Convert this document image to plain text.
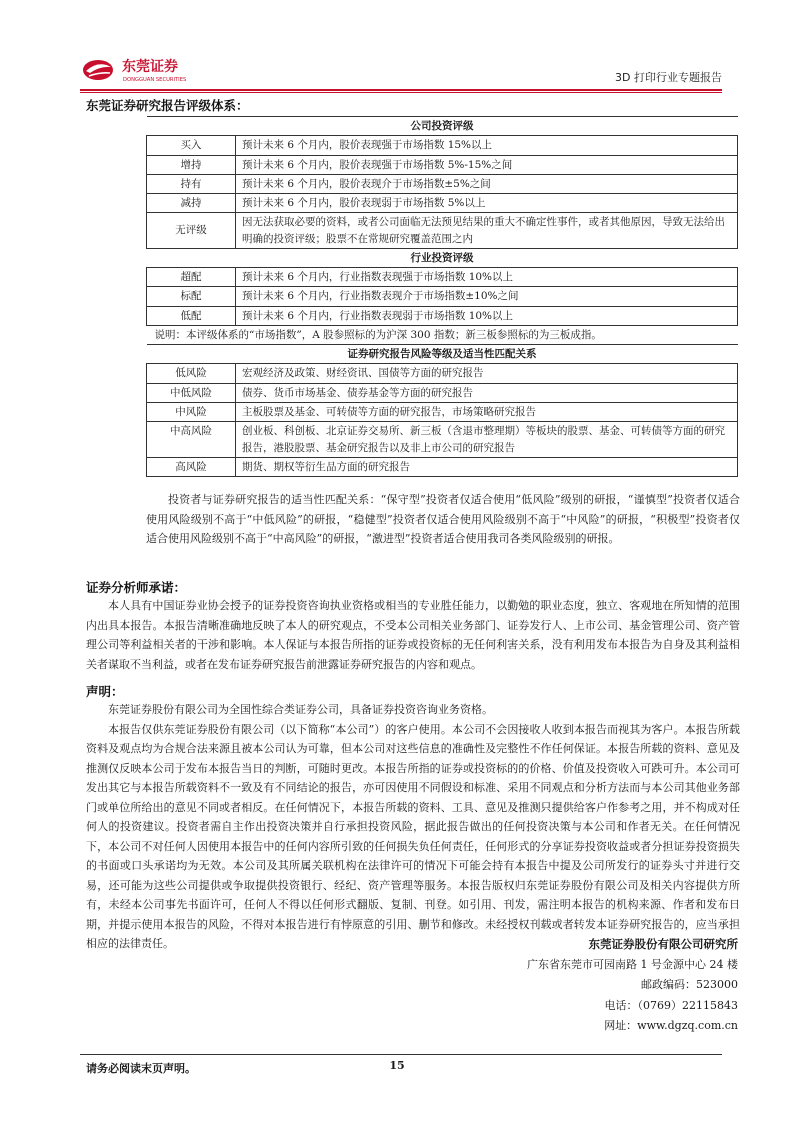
东莞证券
DONGGUAN SECURITIES	3D 打印行业专题报告
东莞证券研究报告评级体系：
公司投资评级	
买入	预计未来 6 个月内，股价表现强于市场指数 15%以上
增持	预计未来 6 个月内，股价表现强于市场指数 5%-15%之间
持有	预计未来 6 个月内，股价表现介于市场指数±5%之间
减持	预计未来 6 个月内，股价表现弱于市场指数 5%以上
无评级	因无法获取必要的资料，或者公司面临无法预见结果的重大不确定性事件，或者其他原因，导致无法给出明确的投资评级；股票不在常规研究覆盖范围之内
行业投资评级	
超配	预计未来 6 个月内，行业指数表现强于市场指数 10%以上
标配	预计未来 6 个月内，行业指数表现介于市场指数±10%之间
低配	预计未来 6 个月内，行业指数表现弱于市场指数 10%以上
说明：本评级体系的“市场指数”，A 股参照标的为沪深 300 指数；新三板参照标的为三板成指。	
证券研究报告风险等级及适当性匹配关系	
低风险	宏观经济及政策、财经资讯、国债等方面的研究报告
中低风险	债券、货币市场基金、债券基金等方面的研究报告
中风险	主板股票及基金、可转债等方面的研究报告，市场策略研究报告
中高风险	创业板、科创板、北京证券交易所、新三板（含退市整理期）等板块的股票、基金、可转债等方面的研究报告，港股股票、基金研究报告以及非上市公司的研究报告
高风险	期货、期权等衍生品方面的研究报告
投资者与证券研究报告的适当性匹配关系：“保守型”投资者仅适合使用“低风险”级别的研报，“谨慎型”投资者仅适合使用风险级别不高于“中低风险”的研报，“稳健型”投资者仅适合使用风险级别不高于“中风险”的研报，“积极型”投资者仅适合使用风险级别不高于“中高风险”的研报，“激进型”投资者适合使用我司各类风险级别的研报。
证券分析师承诺：
本人具有中国证券业协会授予的证券投资咨询执业资格或相当的专业胜任能力，以勤勉的职业态度，独立、客观地在所知情的范围内出具本报告。本报告清晰准确地反映了本人的研究观点，不受本公司相关业务部门、证券发行人、上市公司、基金管理公司、资产管理公司等利益相关者的干涉和影响。本人保证与本报告所指的证券或投资标的无任何利害关系，没有利用发布本报告为自身及其利益相关者谋取不当利益，或者在发布证券研究报告前泄露证券研究报告的内容和观点。
声明：

东莞证券股份有限公司为全国性综合类证券公司，具备证券投资咨询业务资格。

本报告仅供东莞证券股份有限公司（以下简称“本公司”）的客户使用。本公司不会因接收人收到本报告而视其为客户。本报告所载资料及观点均为合规合法来源且被本公司认为可靠，但本公司对这些信息的准确性及完整性不作任何保证。本报告所载的资料、意见及推测仅反映本公司于发布本报告当日的判断，可随时更改。本报告所指的证券或投资标的的价格、价值及投资收入可跌可升。本公司可发出其它与本报告所载资料不一致及有不同结论的报告，亦可因使用不同假设和标准、采用不同观点和分析方法而与本公司其他业务部门或单位所给出的意见不同或者相反。在任何情况下，本报告所载的资料、工具、意见及推测只提供给客户作参考之用，并不构成对任何人的投资建议。投资者需自主作出投资决策并自行承担投资风险，据此报告做出的任何投资决策与本公司和作者无关。在任何情况下，本公司不对任何人因使用本报告中的任何内容所引致的任何损失负任何责任，任何形式的分享证券投资收益或者分担证券投资损失的书面或口头承诺均为无效。本公司及其所属关联机构在法律许可的情况下可能会持有本报告中提及公司所发行的证券头寸并进行交易，还可能为这些公司提供或争取提供投资银行、经纪、资产管理等服务。本报告版权归东莞证券股份有限公司及相关内容提供方所有，未经本公司事先书面许可，任何人不得以任何形式翻版、复制、刊登。如引用、刊发，需注明本报告的机构来源、作者和发布日期，并提示使用本报告的风险，不得对本报告进行有悖原意的引用、删节和修改。未经授权刊载或者转发本证券研究报告的，应当承担相应的法律责任。	东莞证券股份有限公司研究所
广东省东莞市可园南路 1 号金源中心 24 楼
邮政编码：523000
电话：（0769）22115843
网址：www.dgzq.com.cn
请务必阅读末页声明。	15
